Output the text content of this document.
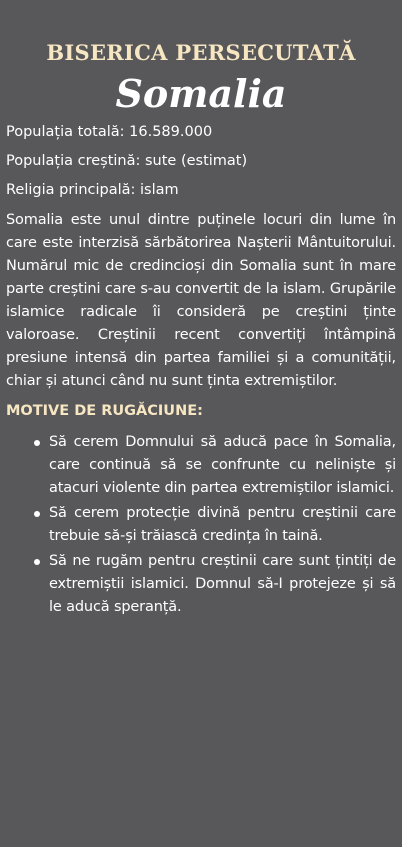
BISERICA PERSECUTATĂ
Somalia
Populația totală: 16.589.000
Populația creștină: sute (estimat)
Religia principală: islam
Somalia este unul dintre puținele locuri din lume în care este interzisă sărbătorirea Nașterii Mântuitorului. Numărul mic de credincioși din Somalia sunt în mare parte creștini care s-au convertit de la islam. Grupările islamice radicale îi consideră pe creștini ținte valoroase. Creștinii recent convertiți întâmpină presiune intensă din partea familiei și a comunității, chiar și atunci când nu sunt ținta extremiștilor.
MOTIVE DE RUGĂCIUNE:
Să cerem Domnului să aducă pace în Somalia, care continuă să se confrunte cu neliniște și atacuri violente din partea extremiștilor islamici.
Să cerem protecție divină pentru creștinii care trebuie să-și trăiască credința în taină.
Să ne rugăm pentru creștinii care sunt țintiți de extremiștii islamici. Domnul să-I protejeze și să le aducă speranță.
